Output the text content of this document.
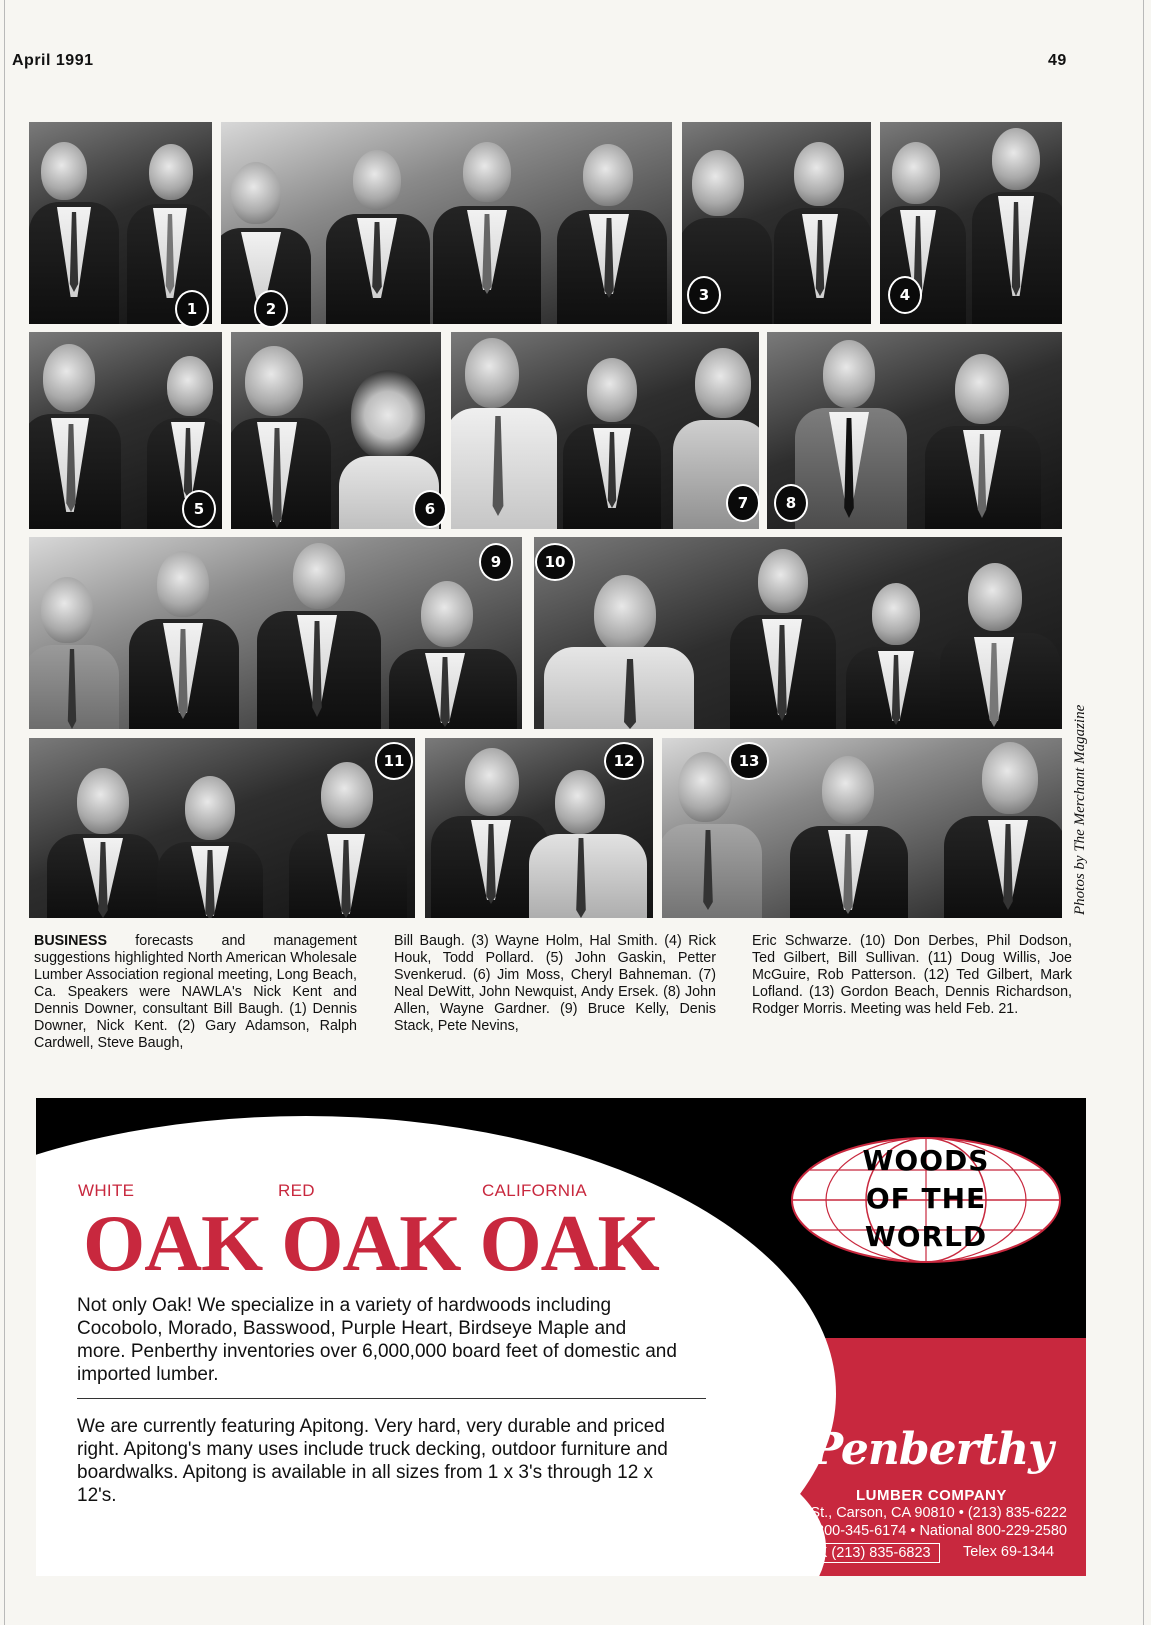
April 1991	49
1	2
3	4
5	6	7	8
9	10
11	12	13	Photos by The Merchant Magazine
BUSINESS forecasts and management suggestions highlighted North American Wholesale Lumber Association regional meeting, Long Beach, Ca. Speakers were NAWLA's Nick Kent and Dennis Downer, consultant Bill Baugh. (1) Dennis Downer, Nick Kent. (2) Gary Adamson, Ralph Cardwell, Steve Baugh,
Bill Baugh. (3) Wayne Holm, Hal Smith. (4) Rick Houk, Todd Pollard. (5) John Gaskin, Petter Svenkerud. (6) Jim Moss, Cheryl Bahneman. (7) Neal DeWitt, John Newquist, Andy Ersek. (8) John Allen, Wayne Gardner. (9) Bruce Kelly, Denis Stack, Pete Nevins,
Eric Schwarze. (10) Don Derbes, Phil Dodson, Ted Gilbert, Bill Sullivan. (11) Doug Willis, Joe McGuire, Rob Patterson. (12) Ted Gilbert, Mark Lofland. (13) Gordon Beach, Dennis Richardson, Rodger Morris. Meeting was held Feb. 21.
WHITE	RED	CALIFORNIA
OAK OAK OAK
Not only Oak! We specialize in a variety of hardwoods including Cocobolo, Morado, Basswood, Purple Heart, Birdseye Maple and more. Penberthy inventories over 6,000,000 board feet of domestic and imported lumber.
We are currently featuring Apitong. Very hard, very durable and priced right. Apitong's many uses include truck decking, outdoor furniture and boardwalks. Apitong is available in all sizes from 1 x 3's through 12 x 12's.
WOODS
OF THE
WORLD
Penberthy
LUMBER COMPANY
2011 E. Carson St., Carson, CA 90810 • (213) 835-6222
So. California 800-345-6174 • National 800-229-2580
FAX (213) 835-6823	Telex 69-1344
